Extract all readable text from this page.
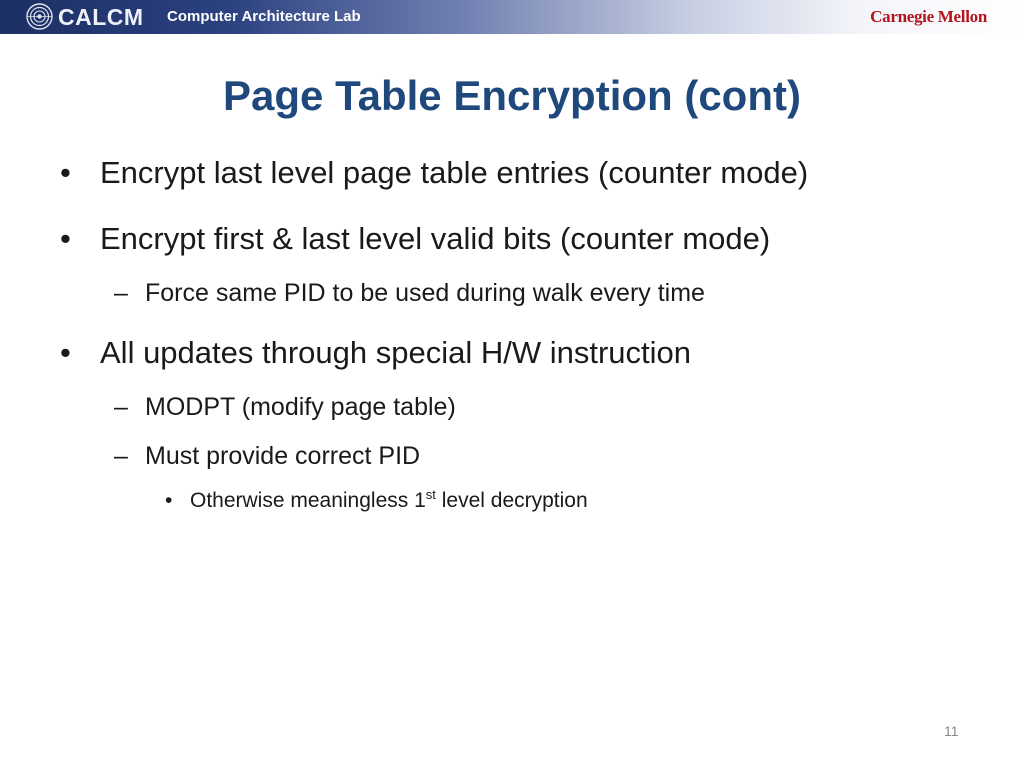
CALCM Computer Architecture Lab	Carnegie Mellon
Page Table Encryption (cont)
• Encrypt last level page table entries (counter mode)
• Encrypt first & last level valid bits (counter mode)
– Force same PID to be used during walk every time
• All updates through special H/W instruction
– MODPT (modify page table)
– Must provide correct PID
• Otherwise meaningless 1st level decryption
11
